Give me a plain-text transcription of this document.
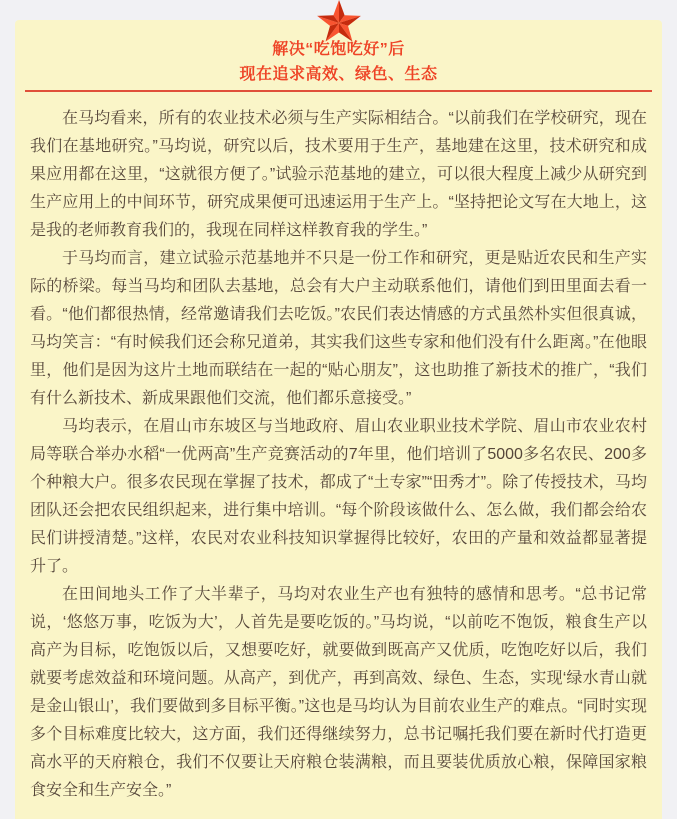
解决“吃饱吃好”后
现在追求高效、绿色、生态

在马均看来，所有的农业技术必须与生产实际相结合。“以前我们在学校研究，现在我们在基地研究。”马均说，研究以后，技术要用于生产，基地建在这里，技术研究和成果应用都在这里，“这就很方便了。”试验示范基地的建立，可以很大程度上减少从研究到生产应用上的中间环节，研究成果便可迅速运用于生产上。“坚持把论文写在大地上，这是我的老师教育我们的，我现在同样这样教育我的学生。”

于马均而言，建立试验示范基地并不只是一份工作和研究，更是贴近农民和生产实际的桥梁。每当马均和团队去基地，总会有大户主动联系他们，请他们到田里面去看一看。“他们都很热情，经常邀请我们去吃饭。”农民们表达情感的方式虽然朴实但很真诚，马均笑言：“有时候我们还会称兄道弟，其实我们这些专家和他们没有什么距离。”在他眼里，他们是因为这片土地而联结在一起的“贴心朋友”，这也助推了新技术的推广，“我们有什么新技术、新成果跟他们交流，他们都乐意接受。”

马均表示，在眉山市东坡区与当地政府、眉山农业职业技术学院、眉山市农业农村局等联合举办水稻“一优两高”生产竞赛活动的7年里，他们培训了5000多名农民、200多个种粮大户。很多农民现在掌握了技术，都成了“土专家”“田秀才”。除了传授技术，马均团队还会把农民组织起来，进行集中培训。“每个阶段该做什么、怎么做，我们都会给农民们讲授清楚。”这样，农民对农业科技知识掌握得比较好，农田的产量和效益都显著提升了。

在田间地头工作了大半辈子，马均对农业生产也有独特的感情和思考。“总书记常说，‘悠悠万事，吃饭为大’，人首先是要吃饭的。”马均说，“以前吃不饱饭，粮食生产以高产为目标，吃饱饭以后，又想要吃好，就要做到既高产又优质，吃饱吃好以后，我们就要考虑效益和环境问题。从高产，到优产，再到高效、绿色、生态，实现‘绿水青山就是金山银山’，我们要做到多目标平衡。”这也是马均认为目前农业生产的难点。“同时实现多个目标难度比较大，这方面，我们还得继续努力，总书记嘱托我们要在新时代打造更高水平的天府粮仓，我们不仅要让天府粮仓装满粮，而且要装优质放心粮，保障国家粮食安全和生产安全。”
